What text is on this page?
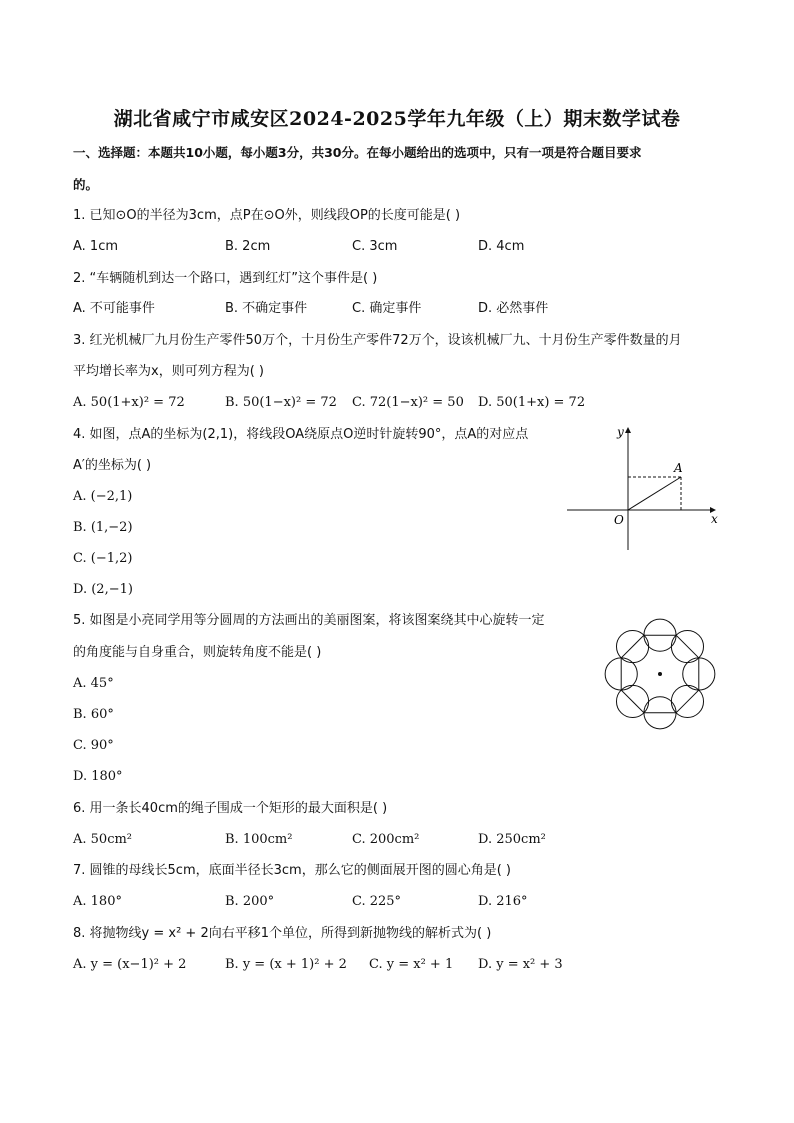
湖北省咸宁市咸安区2024-2025学年九年级（上）期末数学试卷
一、选择题：本题共10小题，每小题3分，共30分。在每小题给出的选项中，只有一项是符合题目要求
的。
1. 已知⊙O的半径为3cm，点P在⊙O外，则线段OP的长度可能是( )
A. 1cm	B. 2cm	C. 3cm	D. 4cm
2. “车辆随机到达一个路口，遇到红灯”这个事件是( )
A. 不可能事件	B. 不确定事件	C. 确定事件	D. 必然事件
3. 红光机械厂九月份生产零件50万个，十月份生产零件72万个，设该机械厂九、十月份生产零件数量的月
平均增长率为x，则可列方程为( )
A. 50(1+x)² = 72	B. 50(1−x)² = 72 C. 72(1−x)² = 50 D. 50(1+x) = 72
4. 如图，点A的坐标为(2,1)，将线段OA绕原点O逆时针旋转90°，点A的对应点
A′的坐标为( )
A. (−2,1)
B. (1,−2)
C. (−1,2)
D. (2,−1)
y
x
O
A
5. 如图是小亮同学用等分圆周的方法画出的美丽图案，将该图案绕其中心旋转一定
的角度能与自身重合，则旋转角度不能是( )
A. 45°
B. 60°
C. 90°
D. 180°
6. 用一条长40cm的绳子围成一个矩形的最大面积是( )
A. 50cm²	B. 100cm²	C. 200cm²	D. 250cm²
7. 圆锥的母线长5cm，底面半径长3cm，那么它的侧面展开图的圆心角是( )
A. 180°	B. 200°	C. 225°	D. 216°
8. 将抛物线y = x² + 2向右平移1个单位，所得到新抛物线的解析式为( )
A. y = (x−1)² + 2	B. y = (x + 1)² + 2 C. y = x² + 1 D. y = x² + 3
